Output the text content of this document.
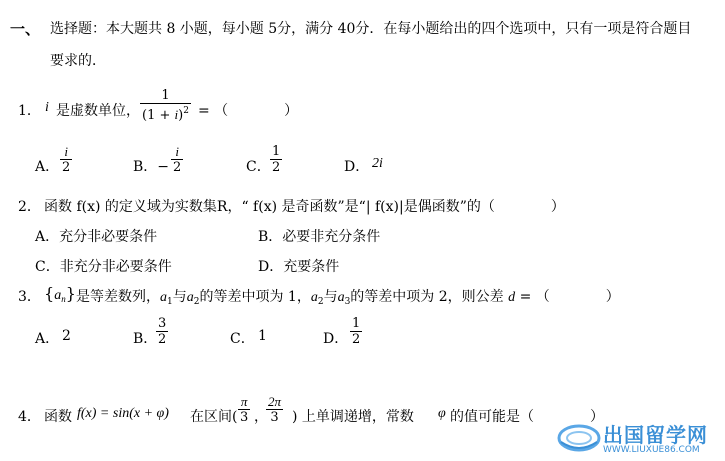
一、 选择题：本大题共 8 小题，每小题 5分，满分 40分．在每小题给出的四个选项中，只有一项是符合题目
要求的．
1． i 是虚数单位， $\frac{1}{(1 + i)^2}$ = （　　　　）
A． $\frac{i}{2}$	B．− $\frac{i}{2}$	C． $\frac{1}{2}$	D． 2i
2． 函数 f(x) 的定义域为实数集R，“ f(x) 是奇函数”是“| f(x)|是偶函数”的（　　　　）
A．充分非必要条件	B．必要非充分条件
C．非充分非必要条件	D．充要条件
3． $\{a_n\}$ 是等差数列，$a_1$与$a_2$的等差中项为 1，$a_2$与$a_3$的等差中项为 2，则公差 d = （　　　　）
A． 2	B．
$\frac{3}{2}$	C． 1	D． $\frac{1}{2}$
4． 函数 f(x) = sin(x + φ) 在区间( $\frac{\pi}{3}$ ，
$\frac{2\pi}{3}$ ) 上单调递增，常数 φ 的值可能是（　　　　）
出国留学网
WWW.LIUXUE86.COM
